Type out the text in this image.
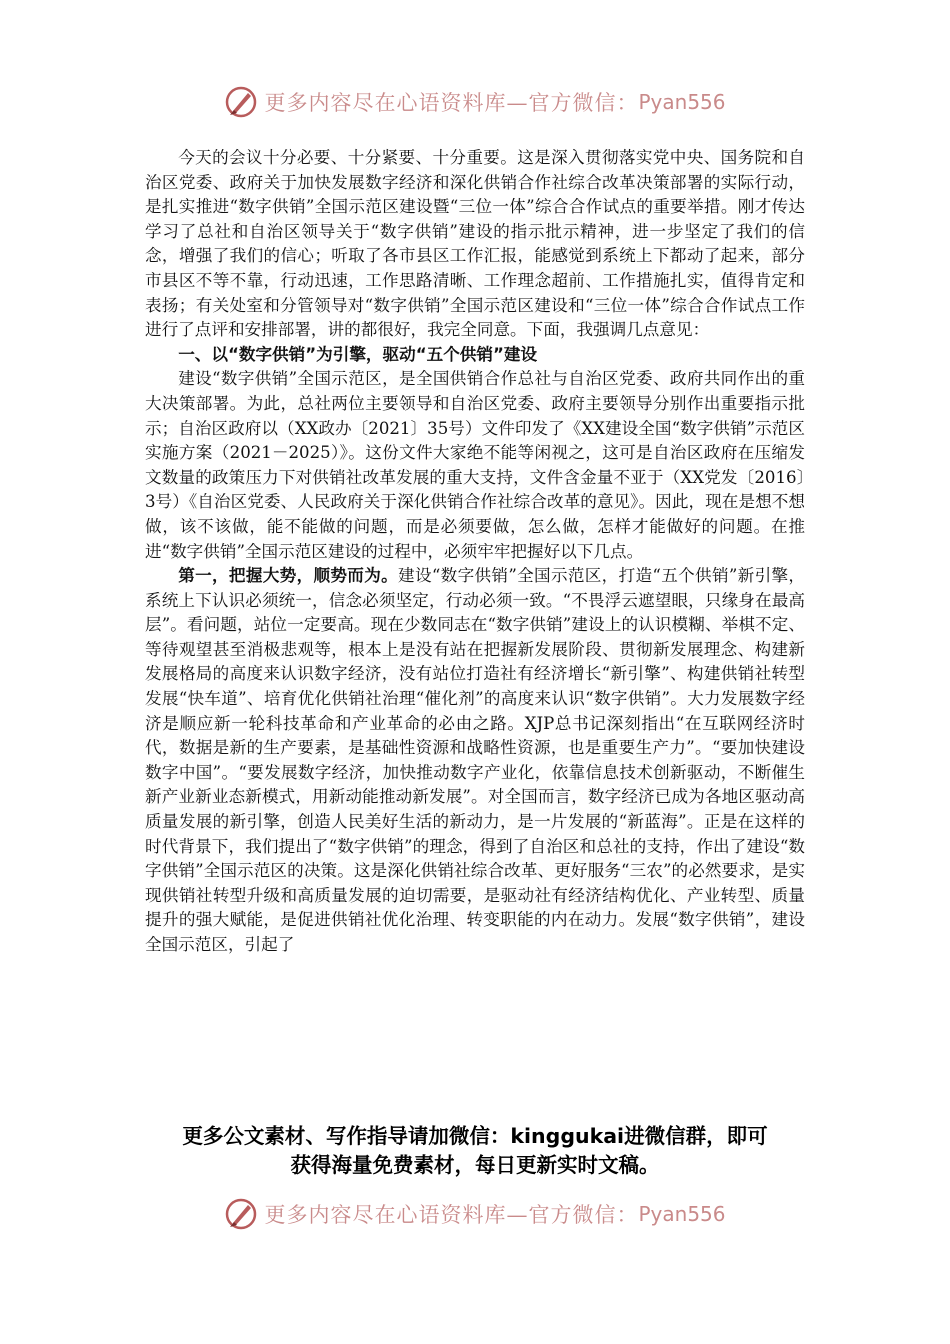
更多内容尽在心语资料库—官方微信： Pyan556

今天的会议十分必要、十分紧要、十分重要。这是深入贯彻落实党中央、国务院和自治区党委、政府关于加快发展数字经济和深化供销合作社综合改革决策部署的实际行动，是扎实推进“数字供销”全国示范区建设暨“三位一体”综合合作试点的重要举措。刚才传达学习了总社和自治区领导关于“数字供销”建设的指示批示精神，进一步坚定了我们的信念，增强了我们的信心；听取了各市县区工作汇报，能感觉到系统上下都动了起来，部分市县区不等不靠，行动迅速，工作思路清晰、工作理念超前、工作措施扎实，值得肯定和表扬；有关处室和分管领导对“数字供销”全国示范区建设和“三位一体”综合合作试点工作进行了点评和安排部署，讲的都很好，我完全同意。下面，我强调几点意见：

一、以“数字供销”为引擎，驱动“五个供销”建设

建设“数字供销”全国示范区，是全国供销合作总社与自治区党委、政府共同作出的重大决策部署。为此，总社两位主要领导和自治区党委、政府主要领导分别作出重要指示批示；自治区政府以（XX政办〔2021〕35号）文件印发了《XX建设全国“数字供销”示范区实施方案（2021－2025）》。这份文件大家绝不能等闲视之，这可是自治区政府在压缩发文数量的政策压力下对供销社改革发展的重大支持，文件含金量不亚于（XX党发〔2016〕3号）《自治区党委、人民政府关于深化供销合作社综合改革的意见》。因此，现在是想不想做，该不该做，能不能做的问题，而是必须要做，怎么做，怎样才能做好的问题。在推进“数字供销”全国示范区建设的过程中，必须牢牢把握好以下几点。

第一，把握大势，顺势而为。建设“数字供销”全国示范区，打造“五个供销”新引擎，系统上下认识必须统一，信念必须坚定，行动必须一致。“不畏浮云遮望眼，只缘身在最高层”。看问题，站位一定要高。现在少数同志在“数字供销”建设上的认识模糊、举棋不定、等待观望甚至消极悲观等，根本上是没有站在把握新发展阶段、贯彻新发展理念、构建新发展格局的高度来认识数字经济，没有站位打造社有经济增长“新引擎”、构建供销社转型发展“快车道”、培育优化供销社治理“催化剂”的高度来认识“数字供销”。大力发展数字经济是顺应新一轮科技革命和产业革命的必由之路。XJP总书记深刻指出“在互联网经济时代，数据是新的生产要素，是基础性资源和战略性资源，也是重要生产力”。“要加快建设数字中国”。“要发展数字经济，加快推动数字产业化，依靠信息技术创新驱动，不断催生新产业新业态新模式，用新动能推动新发展”。对全国而言，数字经济已成为各地区驱动高质量发展的新引擎，创造人民美好生活的新动力，是一片发展的“新蓝海”。正是在这样的时代背景下，我们提出了“数字供销”的理念，得到了自治区和总社的支持，作出了建设“数字供销”全国示范区的决策。这是深化供销社综合改革、更好服务“三农”的必然要求，是实现供销社转型升级和高质量发展的迫切需要，是驱动社有经济结构优化、产业转型、质量提升的强大赋能，是促进供销社优化治理、转变职能的内在动力。发展“数字供销”，建设全国示范区，引起了

更多公文素材、写作指导请加微信：kinggukai进微信群，即可
获得海量免费素材，每日更新实时文稿。
更多内容尽在心语资料库—官方微信： Pyan556
